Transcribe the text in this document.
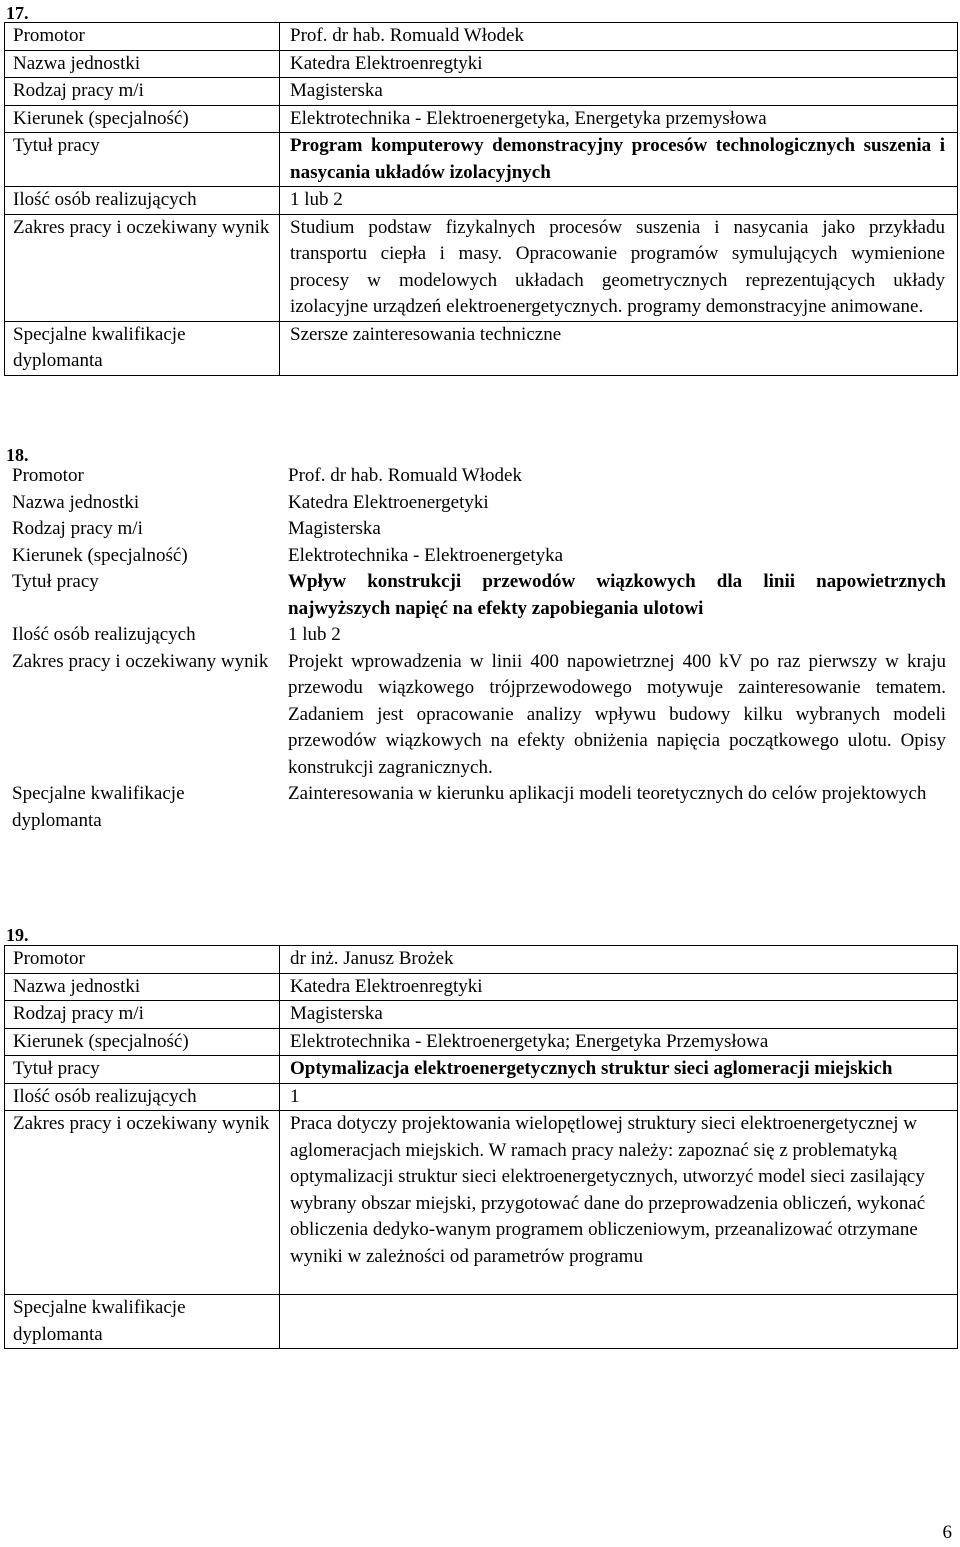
17.
Promotor	Prof. dr hab. Romuald Włodek
Nazwa jednostki	Katedra Elektroenregtyki
Rodzaj pracy m/i	Magisterska
Kierunek (specjalność)	Elektrotechnika - Elektroenergetyka, Energetyka przemysłowa
Tytuł pracy	Program komputerowy demonstracyjny procesów technologicznych suszenia i nasycania układów izolacyjnych
Ilość osób realizujących	1 lub 2
Zakres pracy i oczekiwany wynik	Studium podstaw fizykalnych procesów suszenia i nasycania jako przykładu transportu ciepła i masy. Opracowanie programów symulujących wymienione procesy w modelowych układach geometrycznych reprezentujących układy izolacyjne urządzeń elektroenergetycznych. programy demonstracyjne animowane.
Specjalne kwalifikacje dyplomanta	Szersze zainteresowania techniczne
18.
Promotor	Prof. dr hab. Romuald Włodek
Nazwa jednostki	Katedra Elektroenergetyki
Rodzaj pracy m/i	Magisterska
Kierunek (specjalność)	Elektrotechnika - Elektroenergetyka
Tytuł pracy	Wpływ konstrukcji przewodów wiązkowych dla linii napowietrznych najwyższych napięć na efekty zapobiegania ulotowi
Ilość osób realizujących	1 lub 2
Zakres pracy i oczekiwany wynik	Projekt wprowadzenia w linii 400 napowietrznej 400 kV po raz pierwszy w kraju przewodu wiązkowego trójprzewodowego motywuje zainteresowanie tematem. Zadaniem jest opracowanie analizy wpływu budowy kilku wybranych modeli przewodów wiązkowych na efekty obniżenia napięcia początkowego ulotu. Opisy konstrukcji zagranicznych.
Specjalne kwalifikacje dyplomanta	Zainteresowania w kierunku aplikacji modeli teoretycznych do celów projektowych
19.
Promotor	dr inż. Janusz Brożek
Nazwa jednostki	Katedra Elektroenregtyki
Rodzaj pracy m/i	Magisterska
Kierunek (specjalność)	Elektrotechnika - Elektroenergetyka; Energetyka Przemysłowa
Tytuł pracy	Optymalizacja elektroenergetycznych struktur sieci aglomeracji miejskich
Ilość osób realizujących	1
Zakres pracy i oczekiwany wynik	Praca dotyczy projektowania wielopętlowej struktury sieci elektroenergetycznej w aglomeracjach miejskich. W ramach pracy należy: zapoznać się z problematyką optymalizacji struktur sieci elektroenergetycznych, utworzyć model sieci zasilający wybrany obszar miejski, przygotować dane do przeprowadzenia obliczeń, wykonać obliczenia dedyko-wanym programem obliczeniowym, przeanalizować otrzymane wyniki w zależności od parametrów programu
Specjalne kwalifikacje dyplomanta	
6
